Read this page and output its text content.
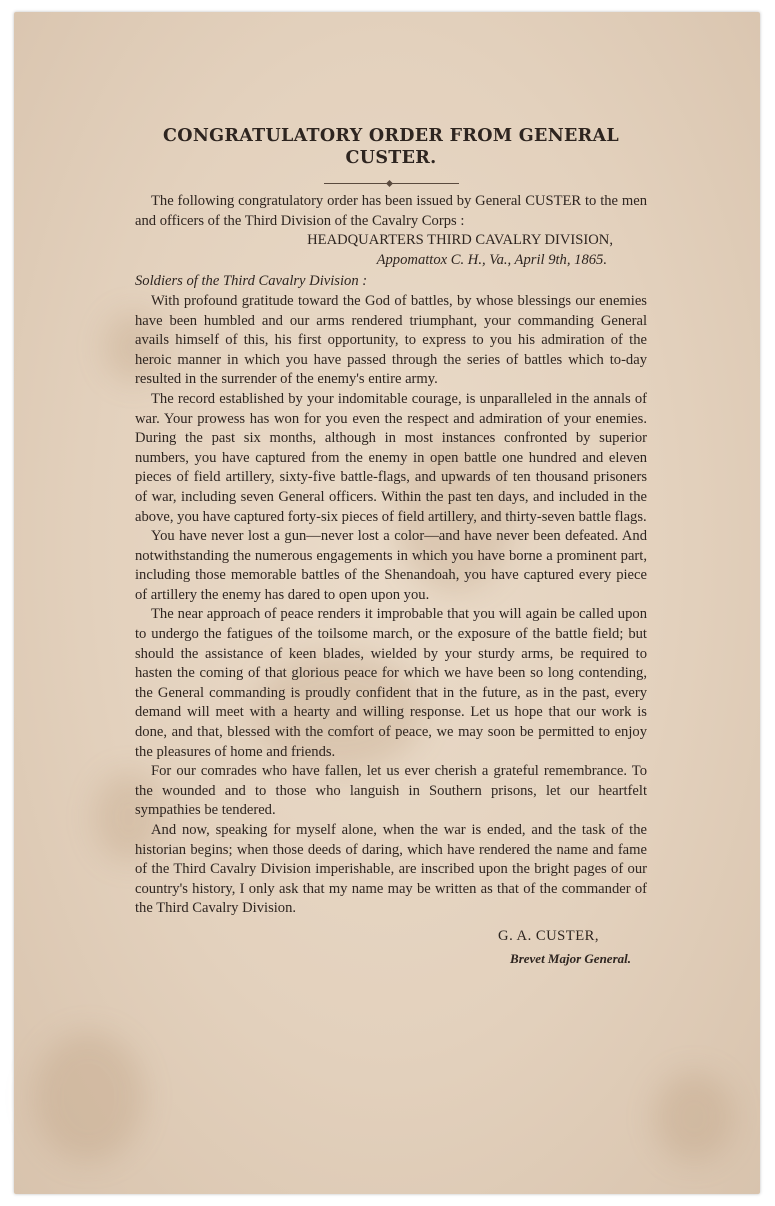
CONGRATULATORY ORDER FROM GENERAL
CUSTER.

The following congratulatory order has been issued by General CUSTER to the men and officers of the Third Division of the Cavalry Corps :

HEADQUARTERS THIRD CAVALRY DIVISION,

Appomattox C. H., Va., April 9th, 1865.

Soldiers of the Third Cavalry Division :

With profound gratitude toward the God of battles, by whose blessings our enemies have been humbled and our arms rendered triumphant, your commanding General avails himself of this, his first opportunity, to express to you his admiration of the heroic manner in which you have passed through the series of battles which to-day resulted in the surrender of the enemy's entire army.

The record established by your indomitable courage, is unparalleled in the annals of war. Your prowess has won for you even the respect and admiration of your enemies. During the past six months, although in most instances confronted by superior numbers, you have captured from the enemy in open battle one hundred and eleven pieces of field artillery, sixty-five battle-flags, and upwards of ten thousand prisoners of war, including seven General officers. Within the past ten days, and included in the above, you have captured forty-six pieces of field artillery, and thirty-seven battle flags.

You have never lost a gun—never lost a color—and have never been defeated. And notwithstanding the numerous engagements in which you have borne a prominent part, including those memorable battles of the Shenandoah, you have captured every piece of artillery the enemy has dared to open upon you.

The near approach of peace renders it improbable that you will again be called upon to undergo the fatigues of the toilsome march, or the exposure of the battle field; but should the assistance of keen blades, wielded by your sturdy arms, be required to hasten the coming of that glorious peace for which we have been so long contending, the General commanding is proudly confident that in the future, as in the past, every demand will meet with a hearty and willing response. Let us hope that our work is done, and that, blessed with the comfort of peace, we may soon be permitted to enjoy the pleasures of home and friends.

For our comrades who have fallen, let us ever cherish a grateful remembrance. To the wounded and to those who languish in Southern prisons, let our heartfelt sympathies be tendered.

And now, speaking for myself alone, when the war is ended, and the task of the historian begins; when those deeds of daring, which have rendered the name and fame of the Third Cavalry Division imperishable, are inscribed upon the bright pages of our country's history, I only ask that my name may be written as that of the commander of the Third Cavalry Division.

G. A. CUSTER,

Brevet Major General.
